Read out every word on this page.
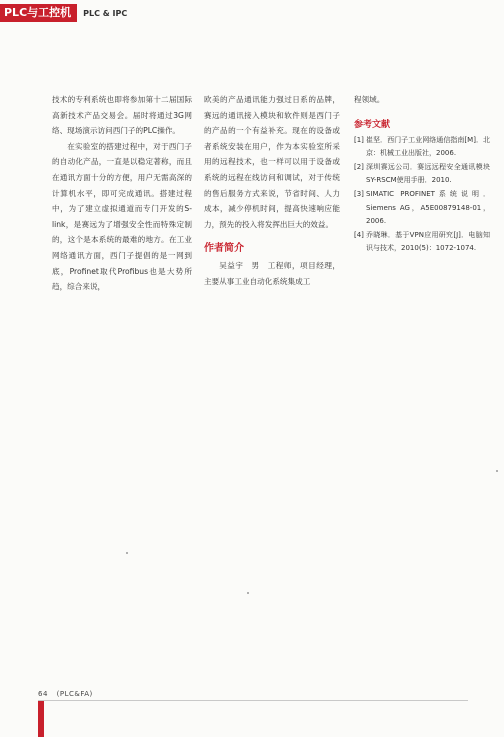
PLC与工控机	PLC & IPC

技术的专利系统也即将参加第十二届国际高新技术产品交易会。届时将通过3G网络、现场演示访问西门子的PLC操作。

在实验室的搭建过程中，对于西门子的自动化产品，一直是以稳定著称，而且在通讯方面十分的方便，用户无需高深的计算机水平，即可完成通讯。搭建过程中，为了建立虚拟通道而专门开发的S-link，是赛远为了增强安全性而特殊定制的，这个是本系统的最难的地方。在工业网络通讯方面，西门子提倡的是一网到底，Profinet取代Profibus也是大势所趋，综合来说，

欧美的产品通讯能力强过日系的品牌，赛远的通讯接入模块和软件则是西门子的产品的一个有益补充。现在的设备或者系统安装在用户，作为本实验室所采用的远程技术，也一样可以用于设备或系统的远程在线访问和调试，对于传统的售后服务方式来说，节省时间、人力成本，减少停机时间，提高快速响应能力，预先的投入将发挥出巨大的效益。

作者简介

吴益宇　男　工程师，项目经理，主要从事工业自动化系统集成工

程领域。

参考文献
[1] 崔坚．西门子工业网络通信指南[M]．北京：机械工业出版社，2006.
[2] 深圳赛远公司．赛远远程安全通讯模块SY-RSCM使用手册．2010.
[3] SIMATIC PROFINET系统说明．Siemens AG，A5E00879148-01，2006.
[4] 乔晓琳．基于VPN应用研究[J]．电脑知识与技术，2010(5)：1072-1074.
64 (PLC&FA)
